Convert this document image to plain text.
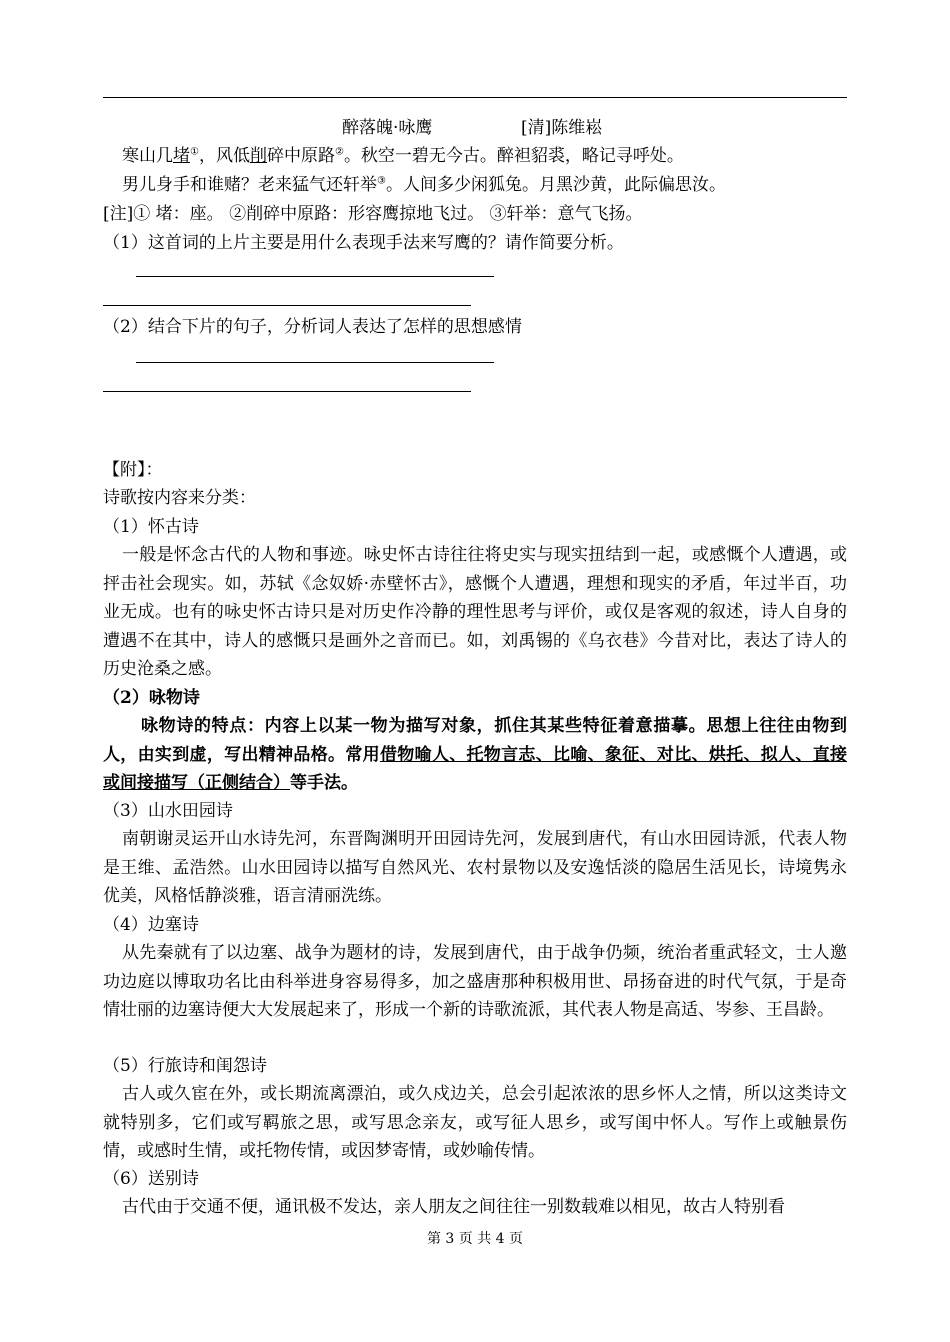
醉落魄·咏鹰	[清]陈维崧
寒山几堵①，风低削碎中原路②。秋空一碧无今古。醉袒貂裘，略记寻呼处。
男儿身手和谁赌？老来猛气还轩举③。人间多少闲狐兔。月黑沙黄，此际偏思汝。
[注]① 堵：座。 ②削碎中原路：形容鹰掠地飞过。 ③轩举：意气飞扬。
（1）这首词的上片主要是用什么表现手法来写鹰的？请作简要分析。
（2）结合下片的句子，分析词人表达了怎样的思想感情
【附】：
诗歌按内容来分类：
（1）怀古诗
一般是怀念古代的人物和事迹。咏史怀古诗往往将史实与现实扭结到一起，或感慨个人遭遇，或抨击社会现实。如，苏轼《念奴娇·赤壁怀古》，感慨个人遭遇，理想和现实的矛盾，年过半百，功业无成。也有的咏史怀古诗只是对历史作冷静的理性思考与评价，或仅是客观的叙述，诗人自身的遭遇不在其中，诗人的感慨只是画外之音而已。如，刘禹锡的《乌衣巷》今昔对比，表达了诗人的历史沧桑之感。
（2）咏物诗
咏物诗的特点：内容上以某一物为描写对象，抓住其某些特征着意描摹。思想上往往由物到人，由实到虚，写出精神品格。常用借物喻人、托物言志、比喻、象征、对比、烘托、拟人、直接或间接描写（正侧结合）等手法。
（3）山水田园诗
南朝谢灵运开山水诗先河，东晋陶渊明开田园诗先河，发展到唐代，有山水田园诗派，代表人物是王维、孟浩然。山水田园诗以描写自然风光、农村景物以及安逸恬淡的隐居生活见长，诗境隽永优美，风格恬静淡雅，语言清丽洗练。
（4）边塞诗
从先秦就有了以边塞、战争为题材的诗，发展到唐代，由于战争仍频，统治者重武轻文，士人邀功边庭以博取功名比由科举进身容易得多，加之盛唐那种积极用世、昂扬奋进的时代气氛，于是奇情壮丽的边塞诗便大大发展起来了，形成一个新的诗歌流派，其代表人物是高适、岑参、王昌龄。
（5）行旅诗和闺怨诗
古人或久宦在外，或长期流离漂泊，或久戍边关，总会引起浓浓的思乡怀人之情，所以这类诗文就特别多，它们或写羁旅之思，或写思念亲友，或写征人思乡，或写闺中怀人。写作上或触景伤情，或感时生情，或托物传情，或因梦寄情，或妙喻传情。
（6）送别诗
古代由于交通不便，通讯极不发达，亲人朋友之间往往一别数载难以相见，故古人特别看
第 3 页 共 4 页
